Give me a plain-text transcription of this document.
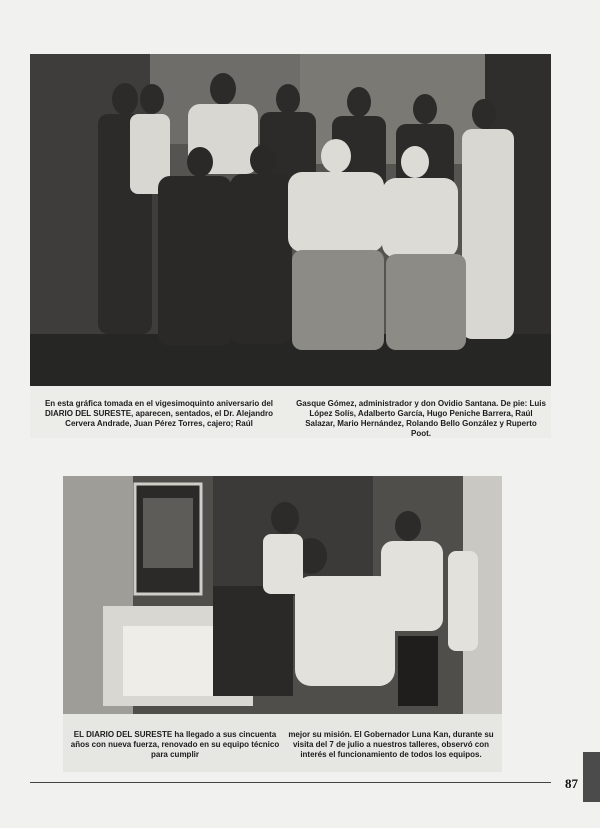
En esta gráfica tomada en el vigesimoquinto aniversario del DIARIO DEL SURESTE, aparecen, sentados, el Dr. Alejandro Cervera Andrade, Juan Pérez Torres, cajero; Raúl

Gasque Gómez, administrador y don Ovidio Santana. De pie: Luis López Solís, Adalberto García, Hugo Peniche Barrera, Raúl Salazar, Mario Hernández, Rolando Bello González y Ruperto Poot.

EL DIARIO DEL SURESTE ha llegado a sus cincuenta años con nueva fuerza, renovado en su equipo técnico para cumplir

mejor su misión. El Gobernador Luna Kan, durante su visita del 7 de julio a nuestros talleres, observó con interés el funcionamiento de todos los equipos.

87
